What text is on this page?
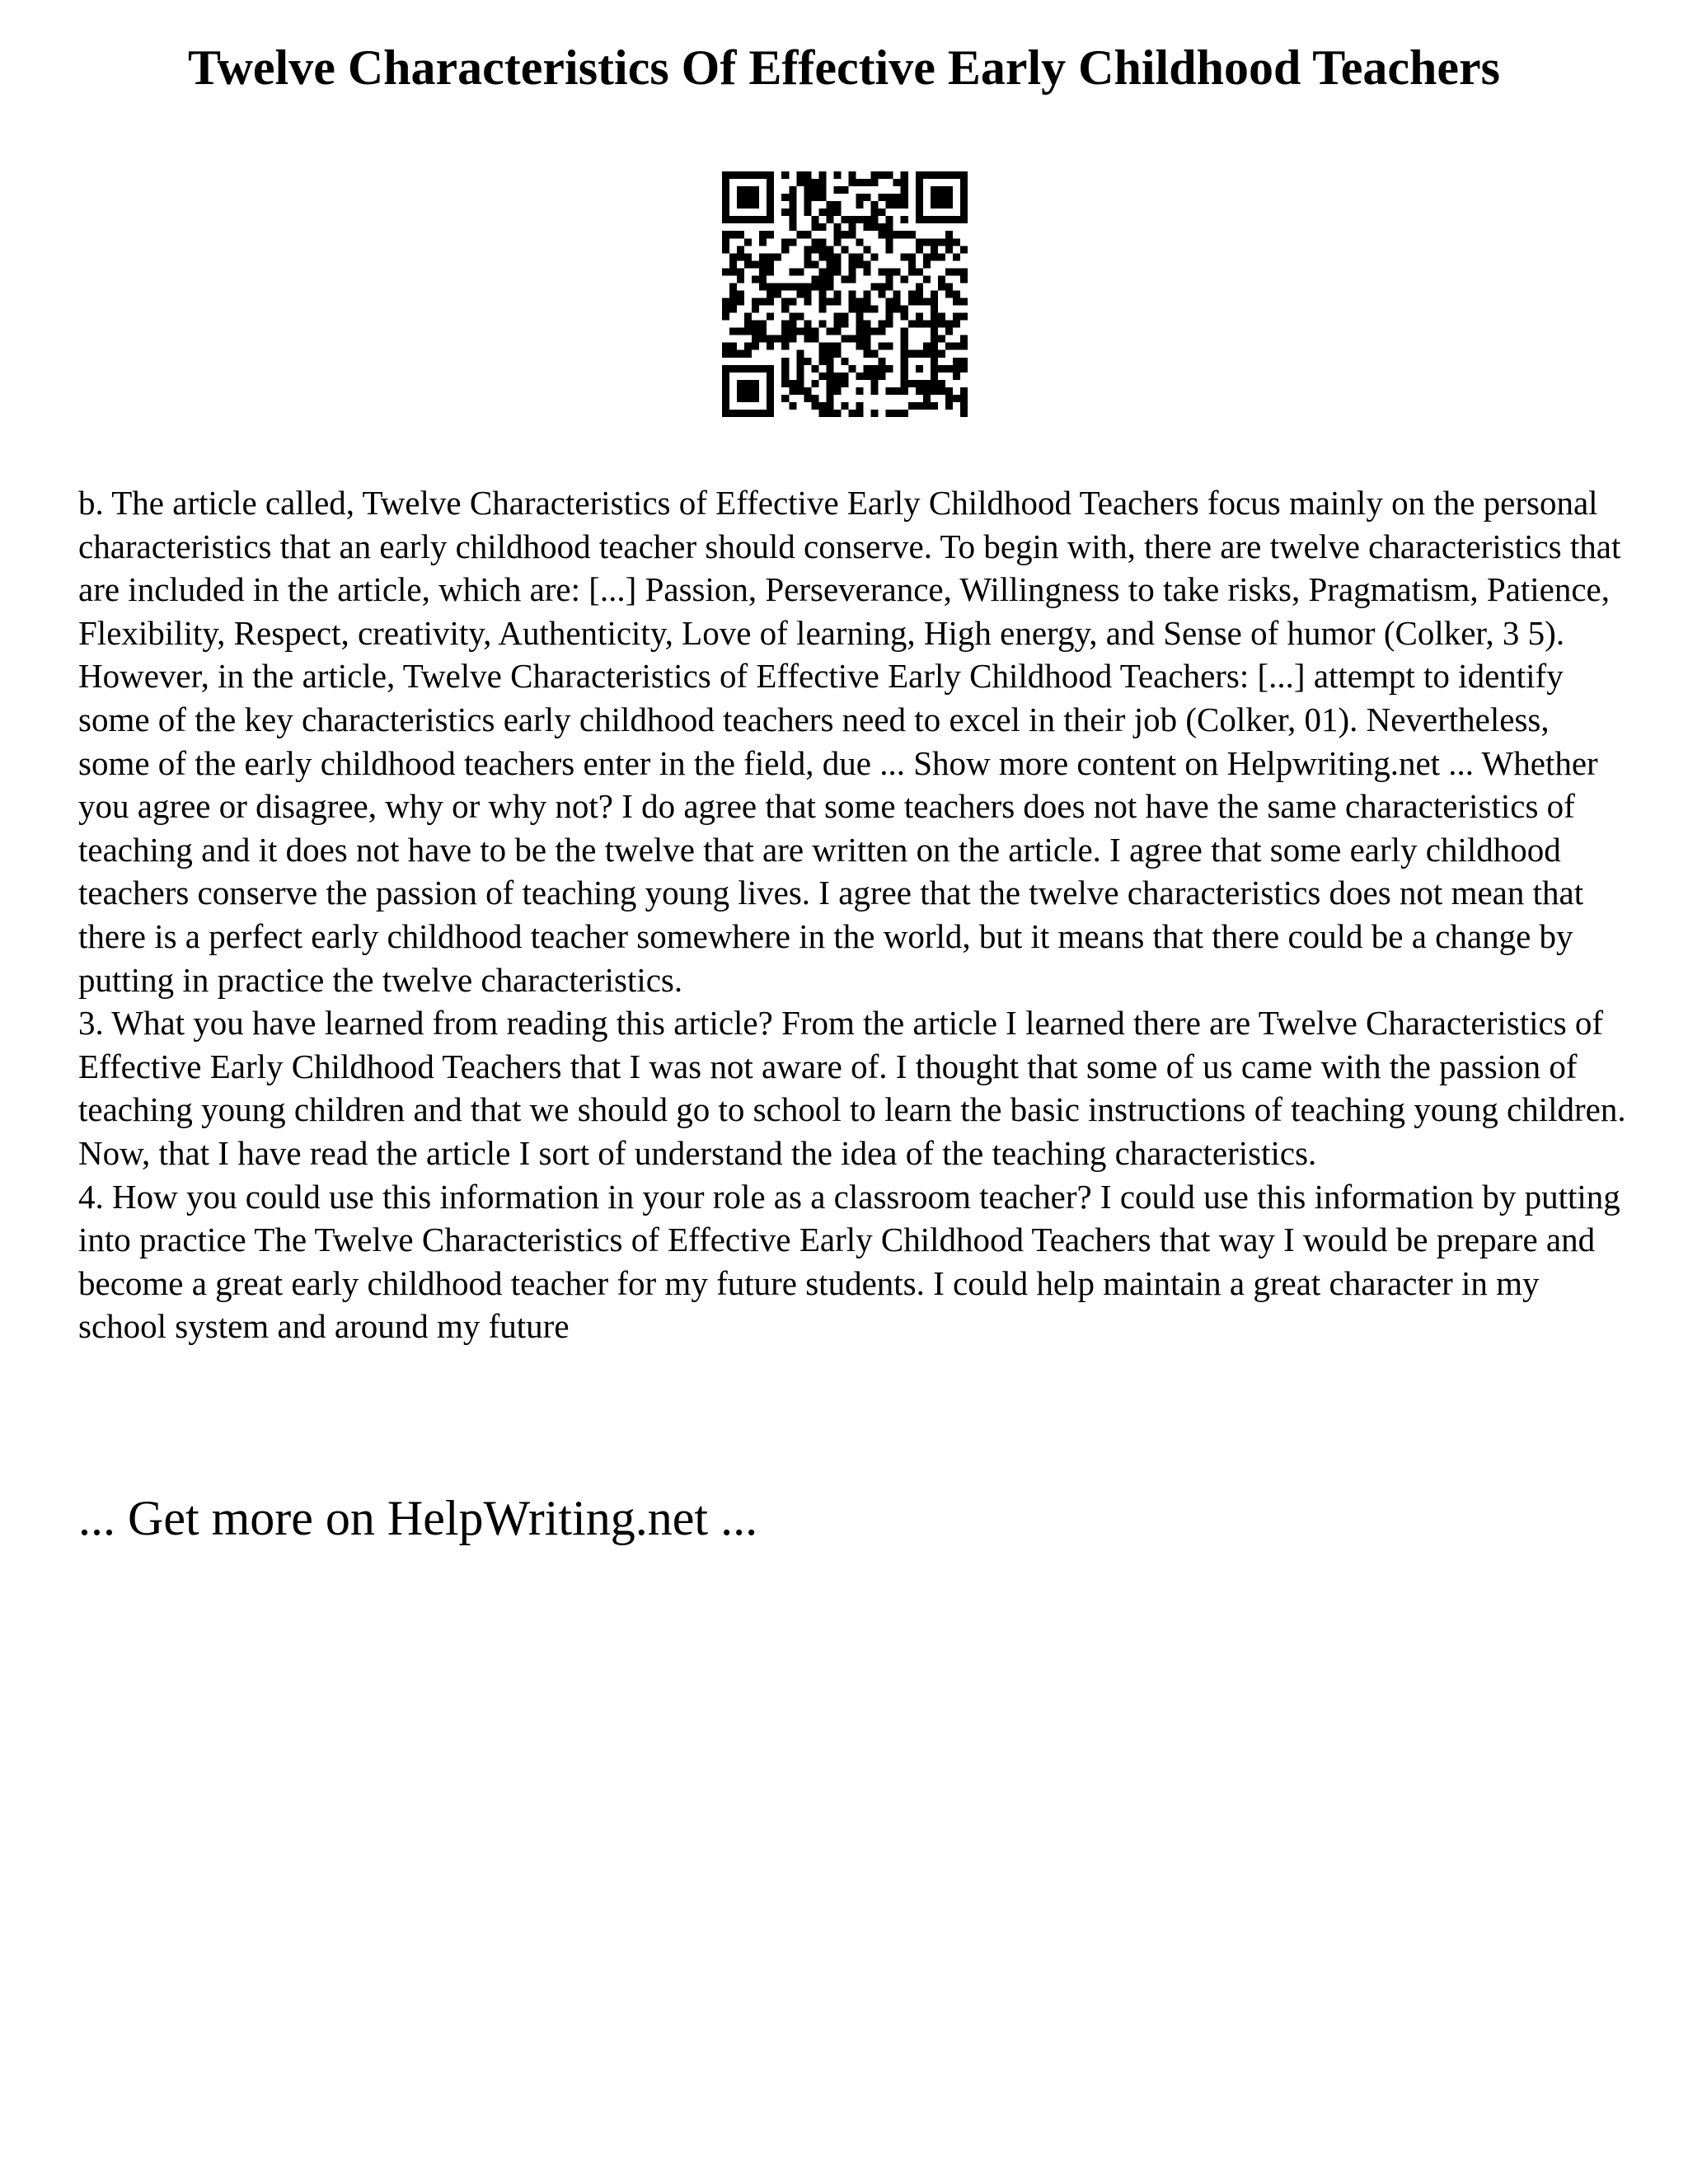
Twelve Characteristics Of Effective Early Childhood Teachers

b. The article called, Twelve Characteristics of Effective Early Childhood Teachers focus mainly on the personal characteristics that an early childhood teacher should conserve. To begin with, there are twelve characteristics that are included in the article, which are: [...] Passion, Perseverance, Willingness to take risks, Pragmatism, Patience, Flexibility, Respect, creativity, Authenticity, Love of learning, High energy, and Sense of humor (Colker, 3 5). However, in the article, Twelve Characteristics of Effective Early Childhood Teachers: [...] attempt to identify some of the key characteristics early childhood teachers need to excel in their job (Colker, 01). Nevertheless, some of the early childhood teachers enter in the field, due ... Show more content on Helpwriting.net ... Whether you agree or disagree, why or why not? I do agree that some teachers does not have the same characteristics of teaching and it does not have to be the twelve that are written on the article. I agree that some early childhood teachers conserve the passion of teaching young lives. I agree that the twelve characteristics does not mean that there is a perfect early childhood teacher somewhere in the world, but it means that there could be a change by putting in practice the twelve characteristics.

3. What you have learned from reading this article? From the article I learned there are Twelve Characteristics of Effective Early Childhood Teachers that I was not aware of. I thought that some of us came with the passion of teaching young children and that we should go to school to learn the basic instructions of teaching young children. Now, that I have read the article I sort of understand the idea of the teaching characteristics.

4. How you could use this information in your role as a classroom teacher? I could use this information by putting into practice The Twelve Characteristics of Effective Early Childhood Teachers that way I would be prepare and become a great early childhood teacher for my future students. I could help maintain a great character in my school system and around my future

... Get more on HelpWriting.net ...
